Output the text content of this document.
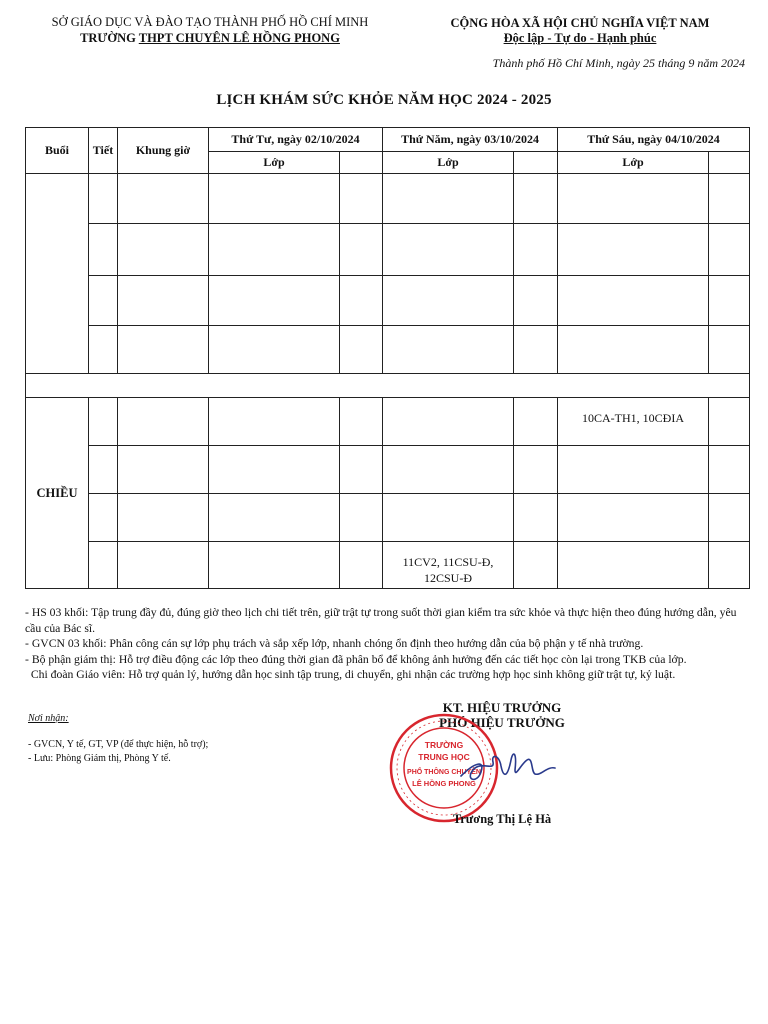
SỞ GIÁO DỤC VÀ ĐÀO TẠO THÀNH PHỐ HỒ CHÍ MINH
TRƯỜNG THPT CHUYÊN LÊ HỒNG PHONG
CỘNG HÒA XÃ HỘI CHỦ NGHĨA VIỆT NAM
Độc lập - Tự do - Hạnh phúc
Thành phố Hồ Chí Minh, ngày 25 tháng 9 năm 2024
LỊCH KHÁM SỨC KHỎE NĂM HỌC 2024 - 2025
Buổi	Tiết	Khung giờ	Thứ Tư, ngày 02/10/2024		Thứ Năm, ngày 03/10/2024		Thứ Sáu, ngày 04/10/2024	
			Lớp		Lớp		Lớp	

CHIỀU							10CA-TH1, 10CĐIA	

					11CV2, 11CSU-Đ, 12CSU-Đ			

- HS 03 khối: Tập trung đầy đủ, đúng giờ theo lịch chi tiết trên, giữ trật tự trong suốt thời gian kiểm tra sức khỏe và thực hiện theo đúng hướng dẫn, yêu cầu của Bác sĩ.

- GVCN 03 khối: Phân công cán sự lớp phụ trách và sắp xếp lớp, nhanh chóng ổn định theo hướng dẫn của bộ phận y tế nhà trường.

- Bộ phận giám thị: Hỗ trợ điều động các lớp theo đúng thời gian đã phân bổ để không ảnh hưởng đến các tiết học còn lại trong TKB của lớp.

Chi đoàn Giáo viên: Hỗ trợ quản lý, hướng dẫn học sinh tập trung, di chuyển, ghi nhận các trường hợp học sinh không giữ trật tự, kỷ luật.

Nơi nhận:
- GVCN, Y tế, GT, VP (để thực hiện, hỗ trợ);
- Lưu: Phòng Giám thị, Phòng Y tế.
KT. HIỆU TRƯỞNG
PHÓ HIỆU TRƯỞNG
TRƯỜNG
TRUNG HỌC
PHỔ THÔNG CHUYÊN
LÊ HỒNG PHONG
Trương Thị Lệ Hà
